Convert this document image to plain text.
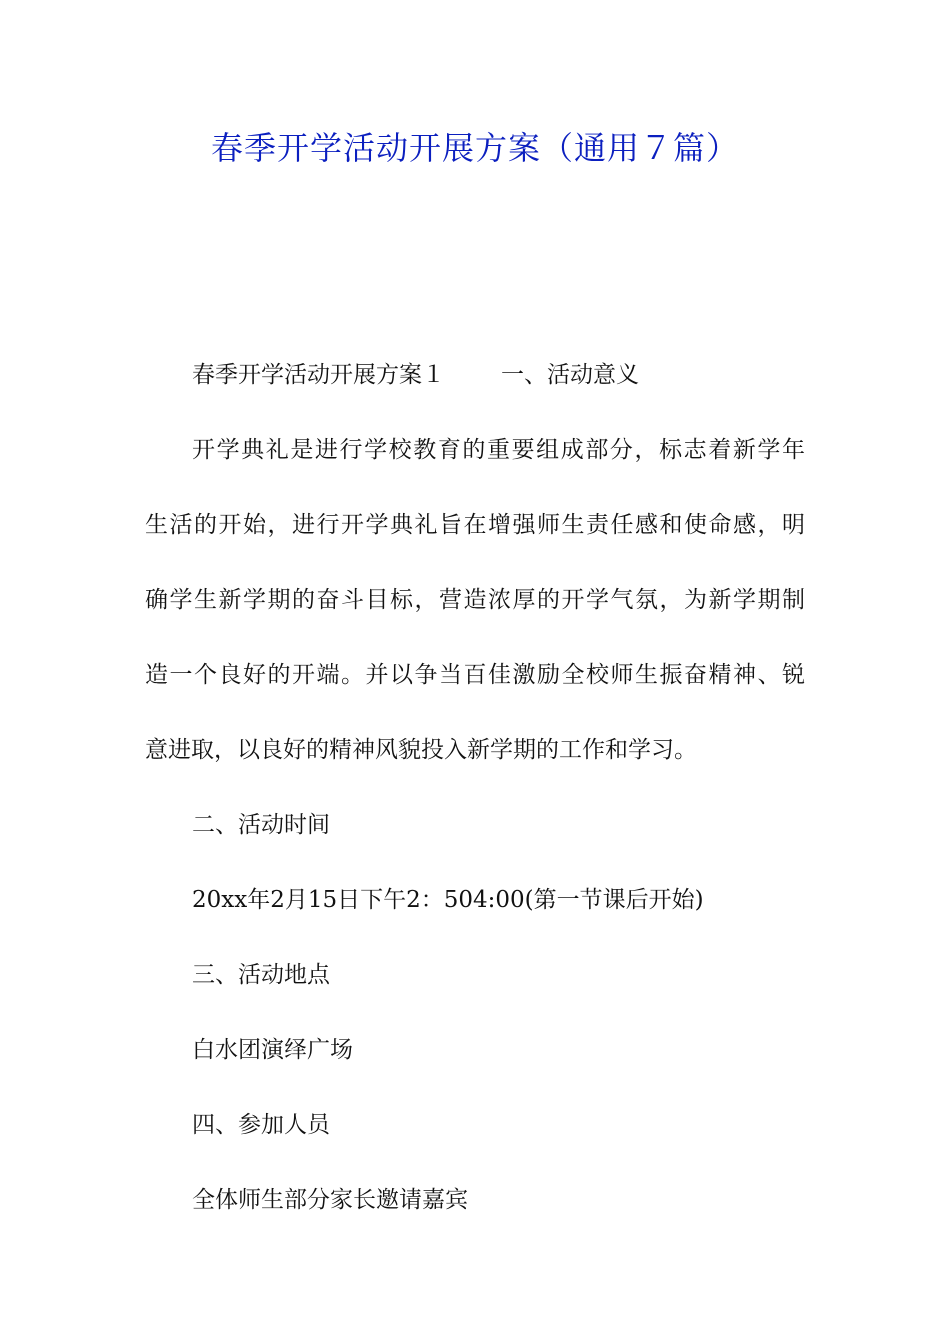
春季开学活动开展方案（通用７篇）

春季开学活动开展方案１ 一、活动意义

开学典礼是进行学校教育的重要组成部分，标志着新学年
生活的开始，进行开学典礼旨在增强师生责任感和使命感，明
确学生新学期的奋斗目标，营造浓厚的开学气氛，为新学期制
造一个良好的开端。并以争当百佳激励全校师生振奋精神、锐
意进取，以良好的精神风貌投入新学期的工作和学习。

二、活动时间

20xx年2月15日下午2：504:00(第一节课后开始)

三、活动地点

白水团演绎广场

四、参加人员

全体师生部分家长邀请嘉宾
